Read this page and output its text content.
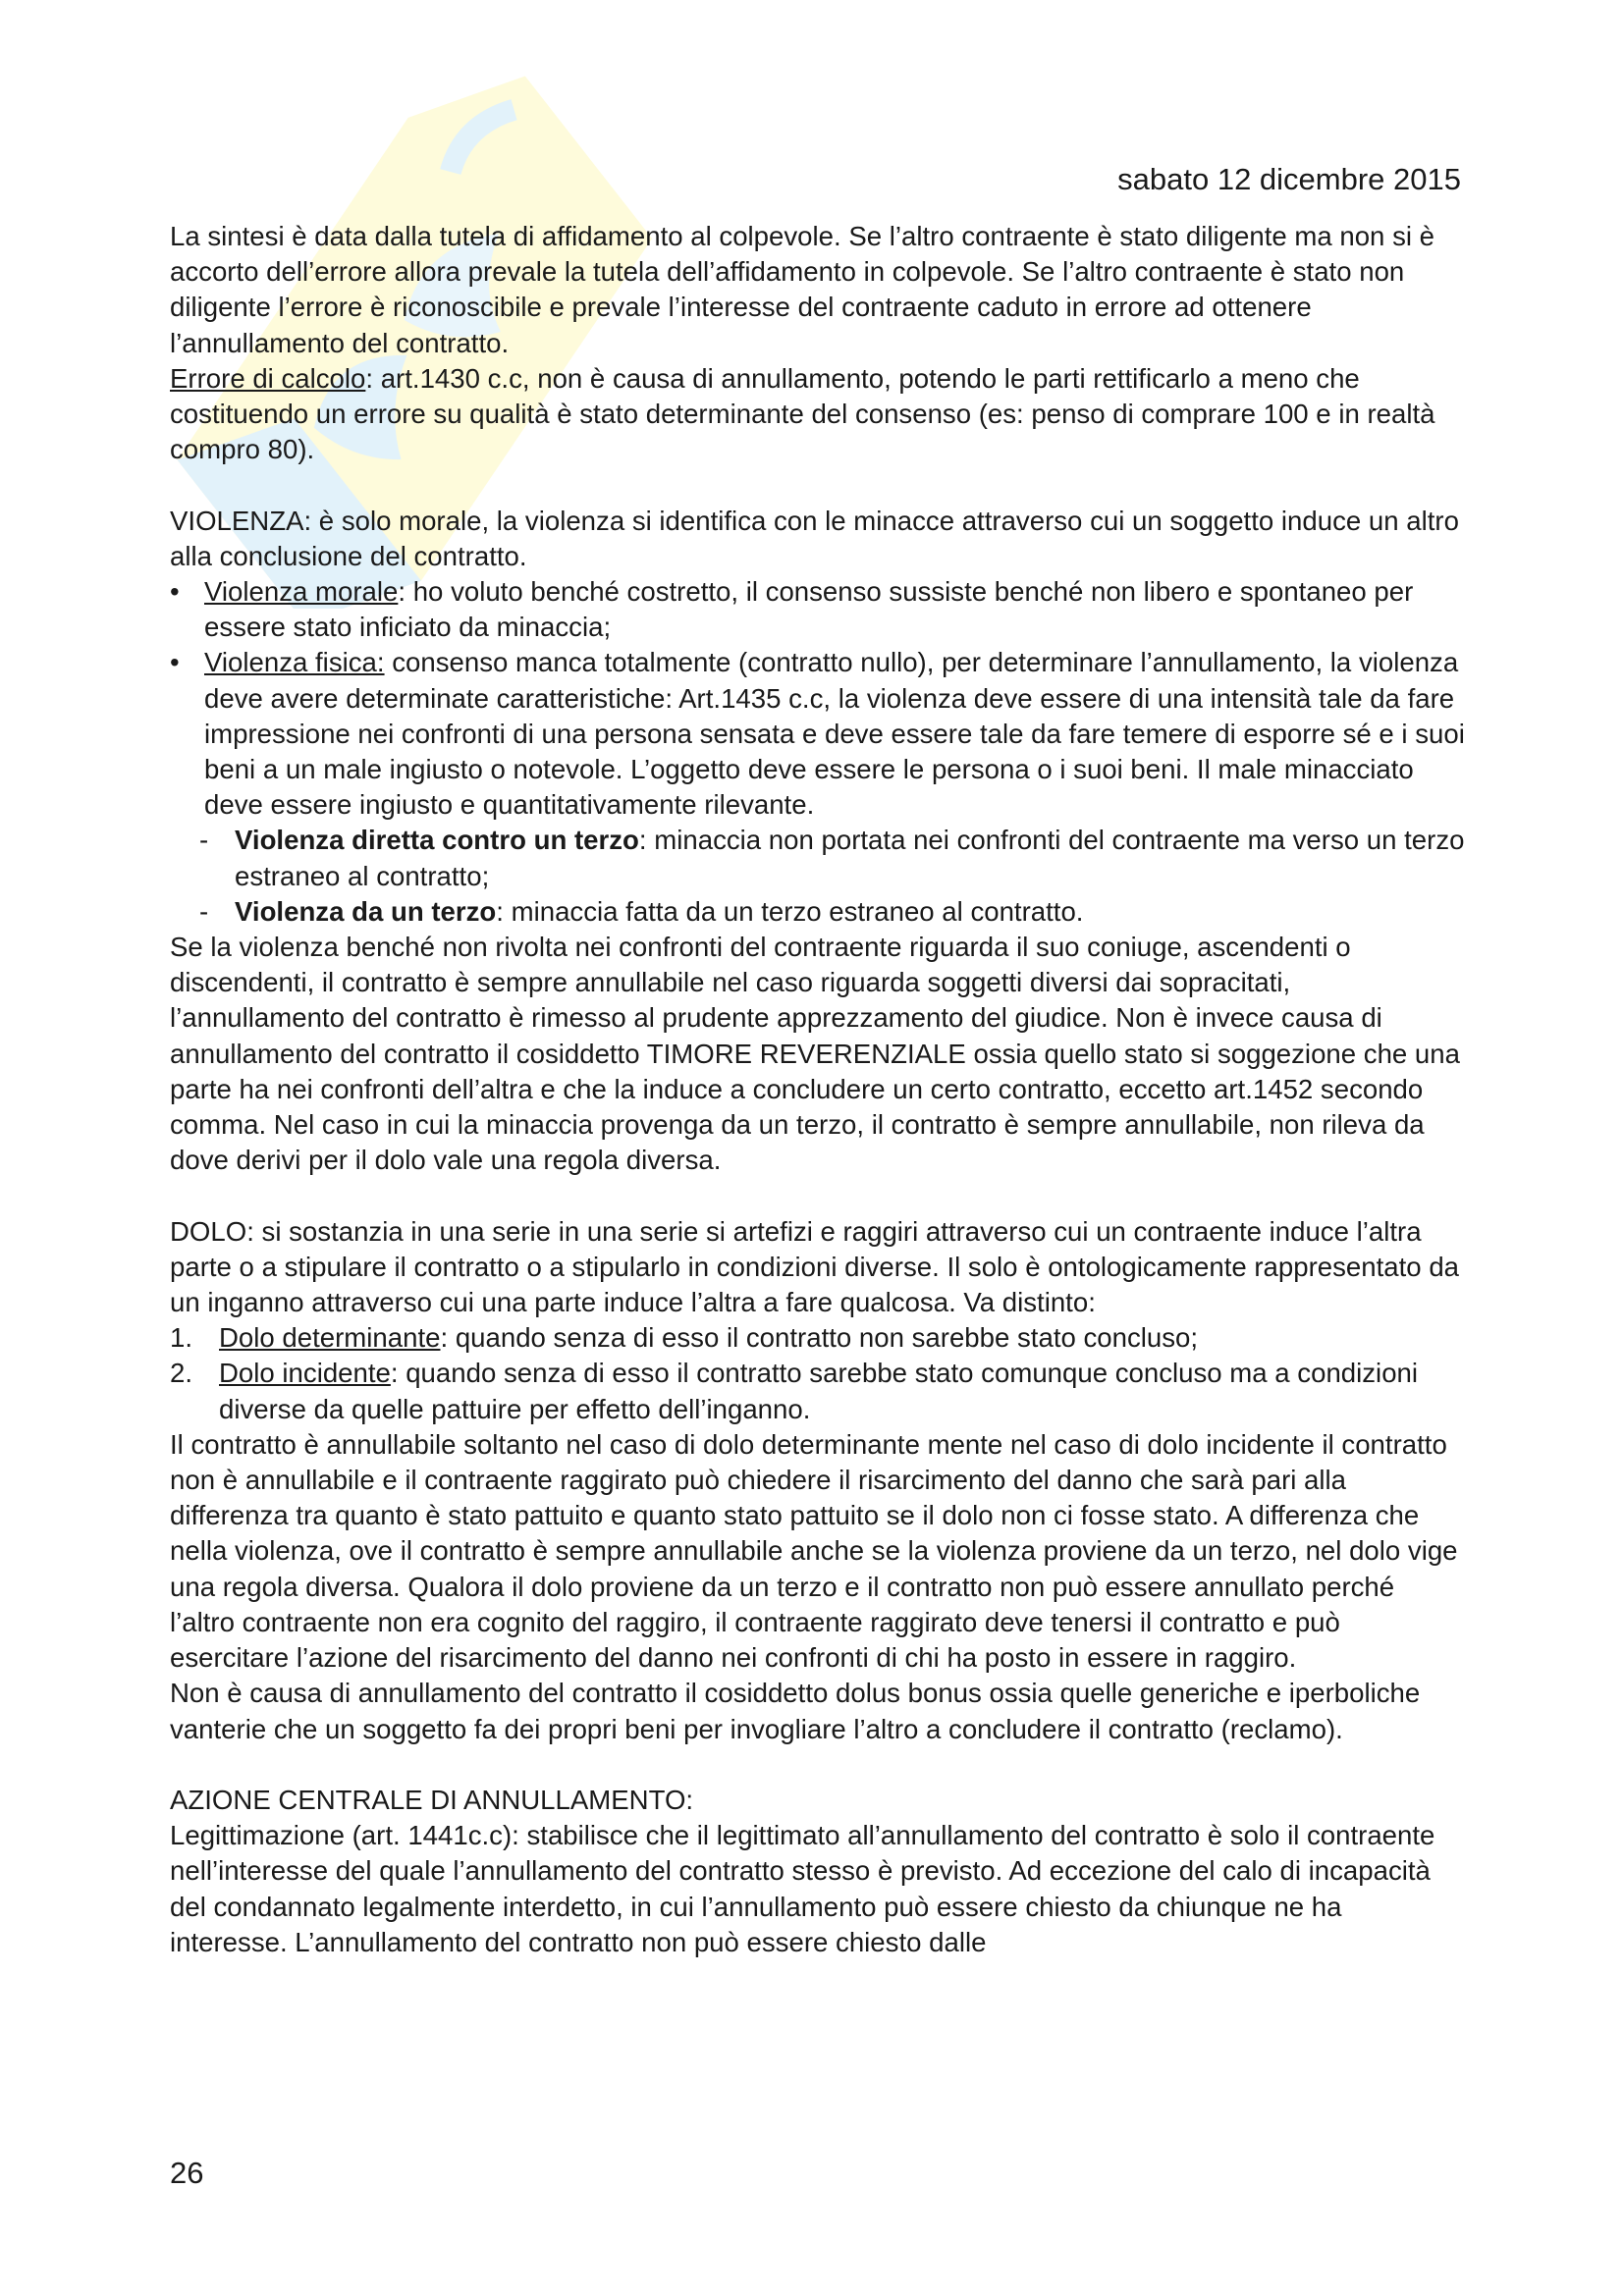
sabato 12 dicembre 2015

La sintesi è data dalla tutela di affidamento al colpevole. Se l’altro contraente è stato diligente ma non si è accorto dell’errore allora prevale la tutela dell’affidamento in colpevole. Se l’altro contraente è stato non diligente l’errore è riconoscibile e prevale l’interesse del contraente caduto in errore ad ottenere l’annullamento del contratto.

Errore di calcolo: art.1430 c.c, non è causa di annullamento, potendo le parti rettificarlo a meno che costituendo un errore su qualità è stato determinante del consenso (es: penso di comprare 100 e in realtà compro 80).

VIOLENZA: è solo morale, la violenza si identifica con le minacce attraverso cui un soggetto induce un altro alla conclusione del contratto.

• Violenza morale: ho voluto benché costretto, il consenso sussiste benché non libero e spontaneo per essere stato inficiato da minaccia;
• Violenza fisica: consenso manca totalmente (contratto nullo), per determinare l’annullamento, la violenza deve avere determinate caratteristiche: Art.1435 c.c, la violenza deve essere di una intensità tale da fare impressione nei confronti di una persona sensata e deve essere tale da fare temere di esporre sé e i suoi beni a un male ingiusto o notevole. L’oggetto deve essere le persona o i suoi beni. Il male minacciato deve essere ingiusto e quantitativamente rilevante.
- Violenza diretta contro un terzo: minaccia non portata nei confronti del contraente ma verso un terzo estraneo al contratto;
- Violenza da un terzo: minaccia fatta da un terzo estraneo al contratto.

Se la violenza benché non rivolta nei confronti del contraente riguarda il suo coniuge, ascendenti o discendenti, il contratto è sempre annullabile nel caso riguarda soggetti diversi dai sopracitati, l’annullamento del contratto è rimesso al prudente apprezzamento del giudice. Non è invece causa di annullamento del contratto il cosiddetto TIMORE REVERENZIALE ossia quello stato si soggezione che una parte ha nei confronti dell’altra e che la induce a concludere un certo contratto, eccetto art.1452 secondo comma. Nel caso in cui la minaccia provenga da un terzo, il contratto è sempre annullabile, non rileva da dove derivi per il dolo vale una regola diversa.

DOLO: si sostanzia in una serie in una serie si artefizi e raggiri attraverso cui un contraente induce l’altra parte o a stipulare il contratto o a stipularlo in condizioni diverse. Il solo è ontologicamente rappresentato da un inganno attraverso cui una parte induce l’altra a fare qualcosa. Va distinto:

1. Dolo determinante: quando senza di esso il contratto non sarebbe stato concluso;
2. Dolo incidente: quando senza di esso il contratto sarebbe stato comunque concluso ma a condizioni diverse da quelle pattuire per effetto dell’inganno.

Il contratto è annullabile soltanto nel caso di dolo determinante mente nel caso di dolo incidente il contratto non è annullabile e il contraente raggirato può chiedere il risarcimento del danno che sarà pari alla differenza tra quanto è stato pattuito e quanto stato pattuito se il dolo non ci fosse stato. A differenza che nella violenza, ove il contratto è sempre annullabile anche se la violenza proviene da un terzo, nel dolo vige una regola diversa. Qualora il dolo proviene da un terzo e il contratto non può essere annullato perché l’altro contraente non era cognito del raggiro, il contraente raggirato deve tenersi il contratto e può esercitare l’azione del risarcimento del danno nei confronti di chi ha posto in essere in raggiro.

Non è causa di annullamento del contratto il cosiddetto dolus bonus ossia quelle generiche e iperboliche vanterie che un soggetto fa dei propri beni per invogliare l’altro a concludere il contratto (reclamo).

AZIONE CENTRALE DI ANNULLAMENTO:

Legittimazione (art. 1441c.c): stabilisce che il legittimato all’annullamento del contratto è solo il contraente nell’interesse del quale l’annullamento del contratto stesso è previsto. Ad eccezione del calo di incapacità del condannato legalmente interdetto, in cui l’annullamento può essere chiesto da chiunque ne ha interesse. L’annullamento del contratto non può essere chiesto dalle

26
